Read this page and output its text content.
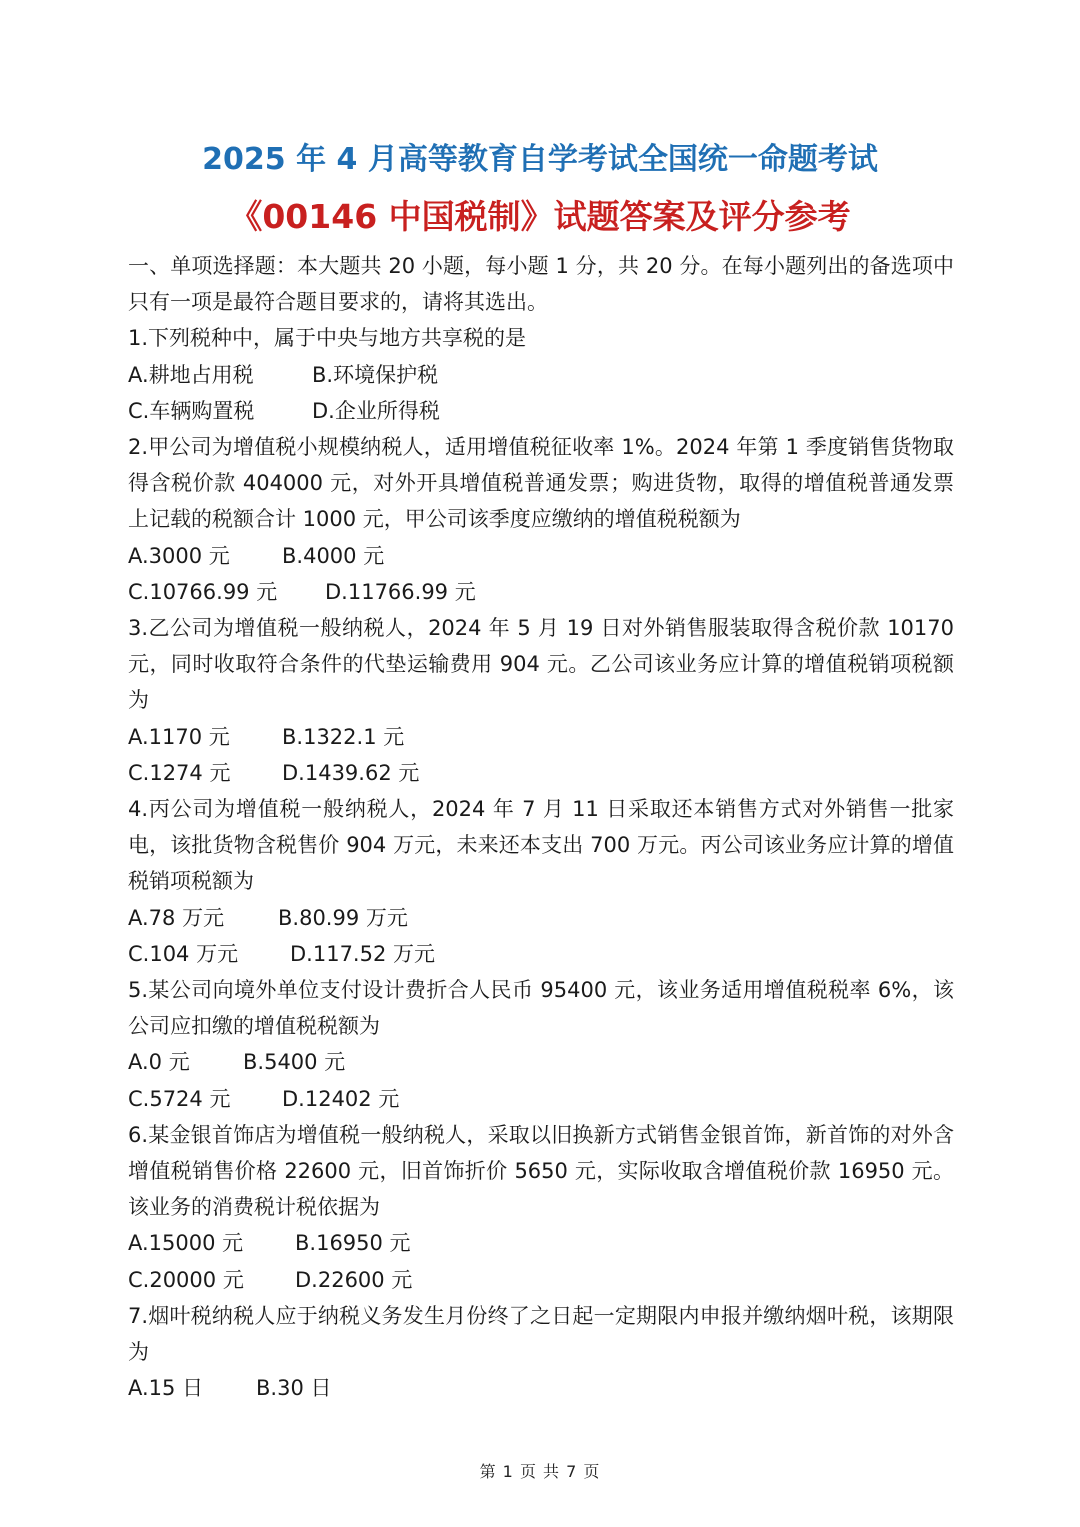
2025 年 4 月高等教育自学考试全国统一命题考试
《00146 中国税制》试题答案及评分参考

一、单项选择题：本大题共 20 小题，每小题 1 分，共 20 分。在每小题列出的备选项中只有一项是最符合题目要求的，请将其选出。

1.下列税种中，属于中央与地方共享税的是

A.耕地占用税	B.环境保护税
C.车辆购置税	D.企业所得税

2.甲公司为增值税小规模纳税人，适用增值税征收率 1%。2024 年第 1 季度销售货物取得含税价款 404000 元，对外开具增值税普通发票；购进货物，取得的增值税普通发票上记载的税额合计 1000 元，甲公司该季度应缴纳的增值税税额为

A.3000 元	B.4000 元
C.10766.99 元	D.11766.99 元

3.乙公司为增值税一般纳税人，2024 年 5 月 19 日对外销售服装取得含税价款 10170 元，同时收取符合条件的代垫运输费用 904 元。乙公司该业务应计算的增值税销项税额为

A.1170 元	B.1322.1 元
C.1274 元	D.1439.62 元

4.丙公司为增值税一般纳税人，2024 年 7 月 11 日采取还本销售方式对外销售一批家电，该批货物含税售价 904 万元，未来还本支出 700 万元。丙公司该业务应计算的增值税销项税额为

A.78 万元	B.80.99 万元
C.104 万元	D.117.52 万元

5.某公司向境外单位支付设计费折合人民币 95400 元，该业务适用增值税税率 6%，该公司应扣缴的增值税税额为

A.0 元	B.5400 元
C.5724 元	D.12402 元

6.某金银首饰店为增值税一般纳税人，采取以旧换新方式销售金银首饰，新首饰的对外含增值税销售价格 22600 元，旧首饰折价 5650 元，实际收取含增值税价款 16950 元。该业务的消费税计税依据为

A.15000 元	B.16950 元
C.20000 元	D.22600 元

7.烟叶税纳税人应于纳税义务发生月份终了之日起一定期限内申报并缴纳烟叶税，该期限为

A.15 日	B.30 日
第 1 页 共 7 页
